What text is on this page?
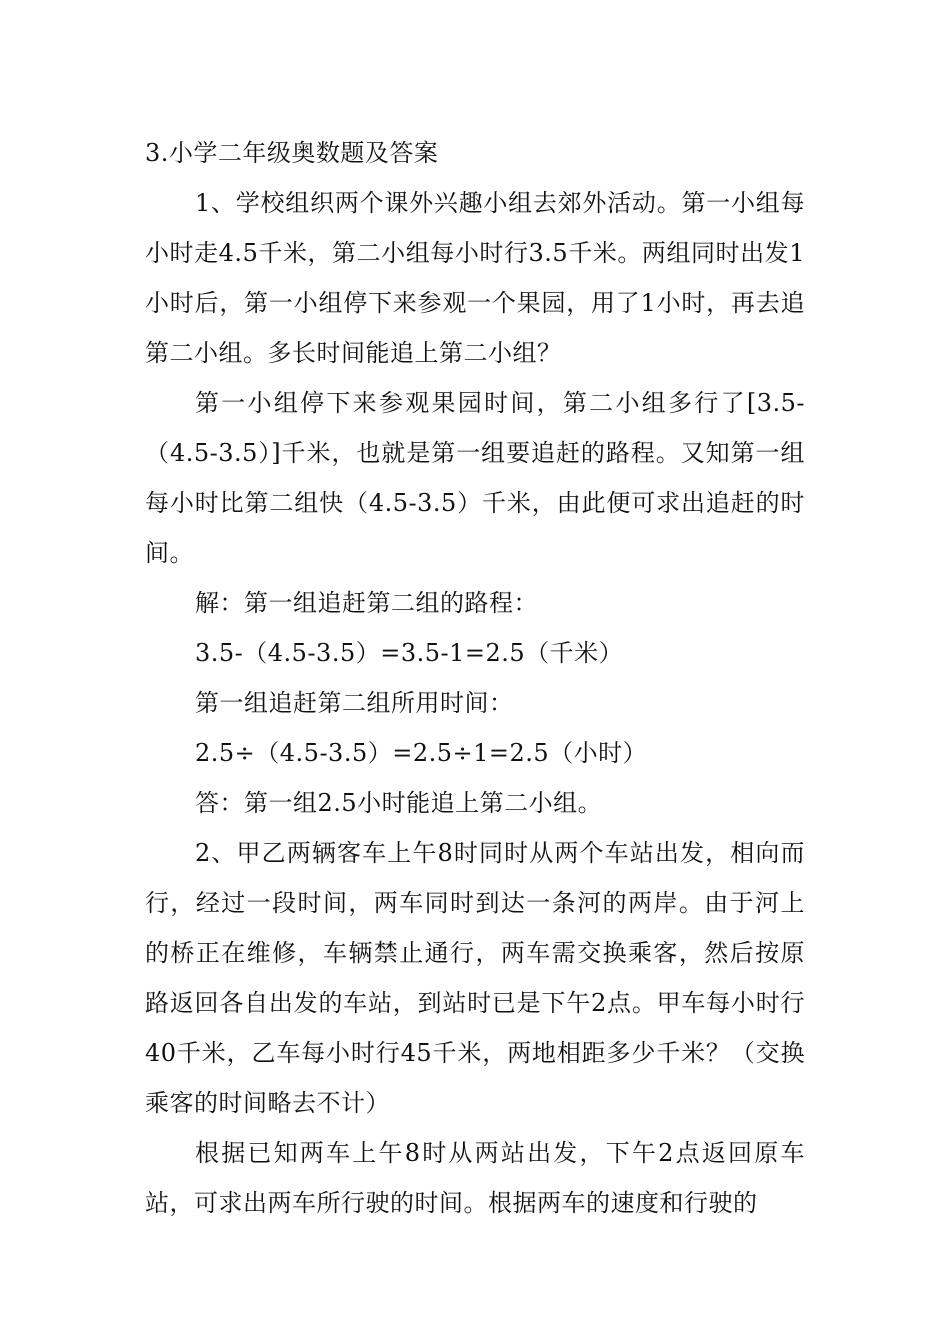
3.小学二年级奥数题及答案

1、学校组织两个课外兴趣小组去郊外活动。第一小组每小时走4.5千米，第二小组每小时行3.5千米。两组同时出发1小时后，第一小组停下来参观一个果园，用了1小时，再去追第二小组。多长时间能追上第二小组？

第一小组停下来参观果园时间，第二小组多行了[3.5-（4.5-3.5）]千米，也就是第一组要追赶的路程。又知第一组每小时比第二组快（4.5-3.5）千米，由此便可求出追赶的时间。

解：第一组追赶第二组的路程：

3.5-（4.5-3.5）=3.5-1=2.5（千米）

第一组追赶第二组所用时间：

2.5÷（4.5-3.5）=2.5÷1=2.5（小时）

答：第一组2.5小时能追上第二小组。

2、甲乙两辆客车上午8时同时从两个车站出发，相向而行，经过一段时间，两车同时到达一条河的两岸。由于河上的桥正在维修，车辆禁止通行，两车需交换乘客，然后按原路返回各自出发的车站，到站时已是下午2点。甲车每小时行40千米，乙车每小时行45千米，两地相距多少千米？（交换乘客的时间略去不计）

根据已知两车上午8时从两站出发，下午2点返回原车站，可求出两车所行驶的时间。根据两车的速度和行驶的
